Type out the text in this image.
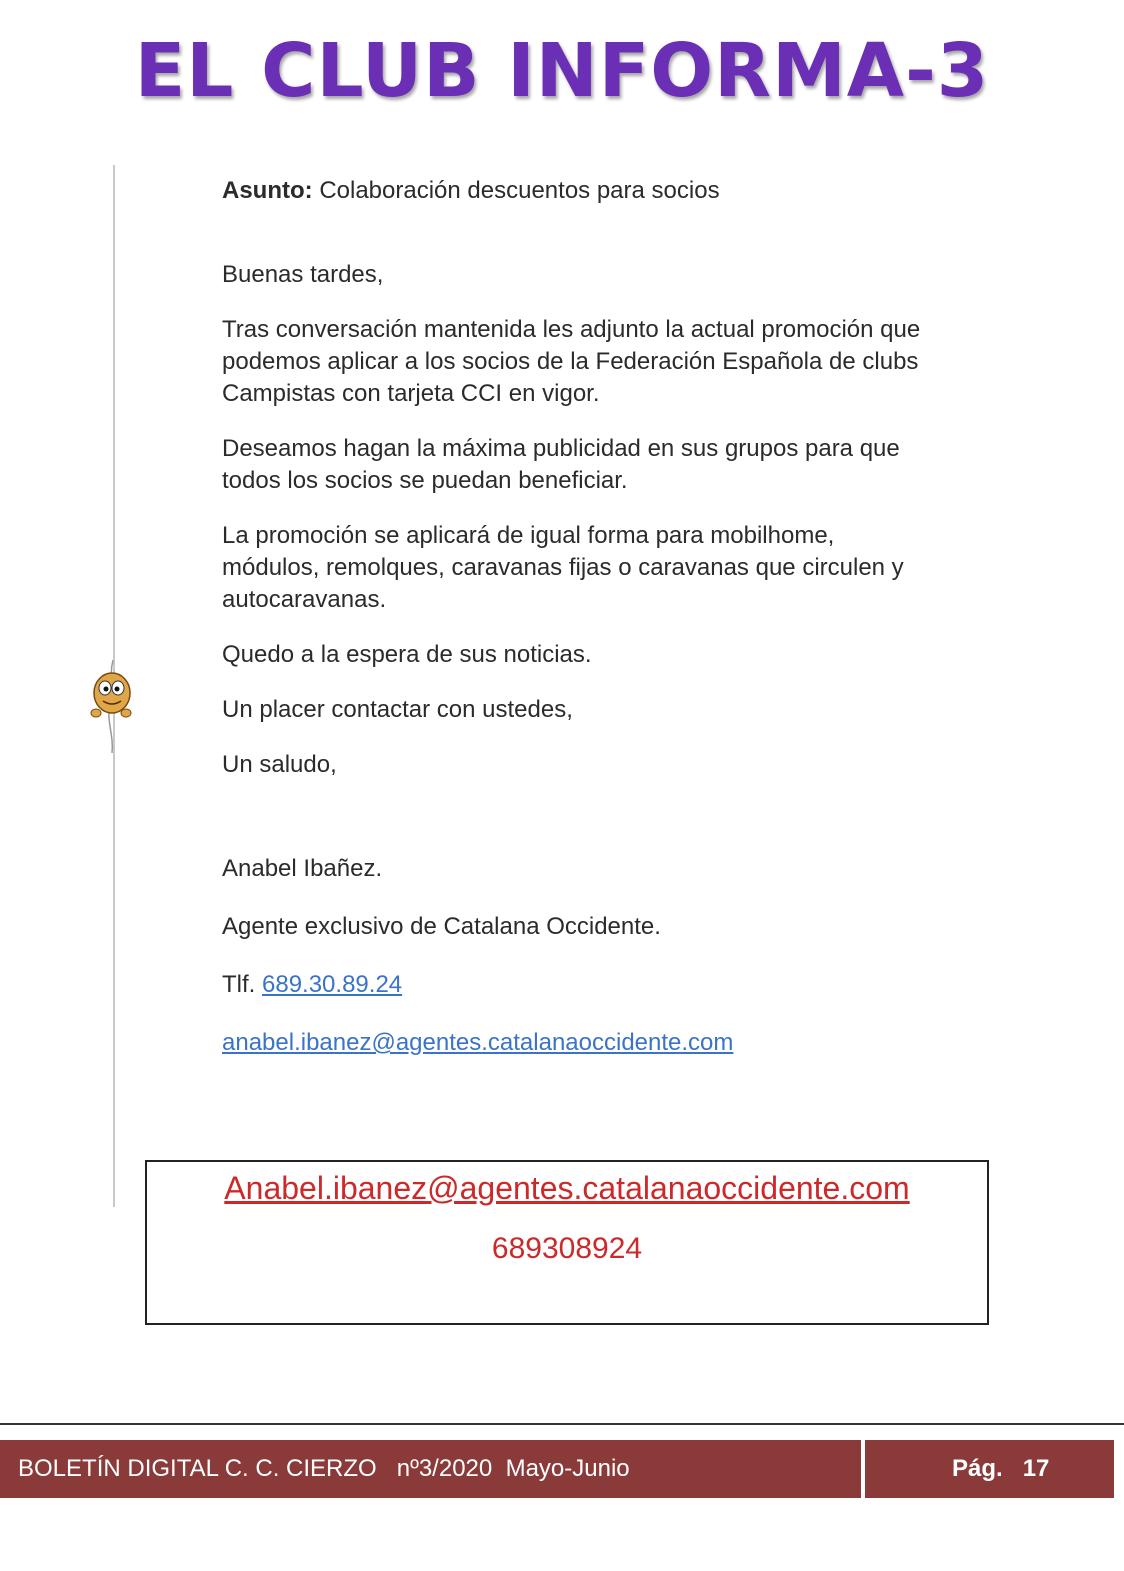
EL CLUB INFORMA-3

Asunto: Colaboración descuentos para socios

Buenas tardes,

Tras conversación mantenida les adjunto la actual promoción que podemos aplicar a los socios de la Federación Española de clubs Campistas con tarjeta CCI en vigor.

Deseamos hagan la máxima publicidad en sus grupos para que todos los socios se puedan beneficiar.

La promoción se aplicará de igual forma para mobilhome, módulos, remolques, caravanas fijas o caravanas que circulen y autocaravanas.

Quedo a la espera de sus noticias.

Un placer contactar con ustedes,

Un saludo,

Anabel Ibañez.

Agente exclusivo de Catalana Occidente.

Tlf. 689.30.89.24

anabel.ibanez@agentes.catalanaoccidente.com

Anabel.ibanez@agentes.catalanaoccidente.com
689308924
BOLETÍN DIGITAL C. C. CIERZO   nº3/2020  Mayo-Junio	Pág. 17
